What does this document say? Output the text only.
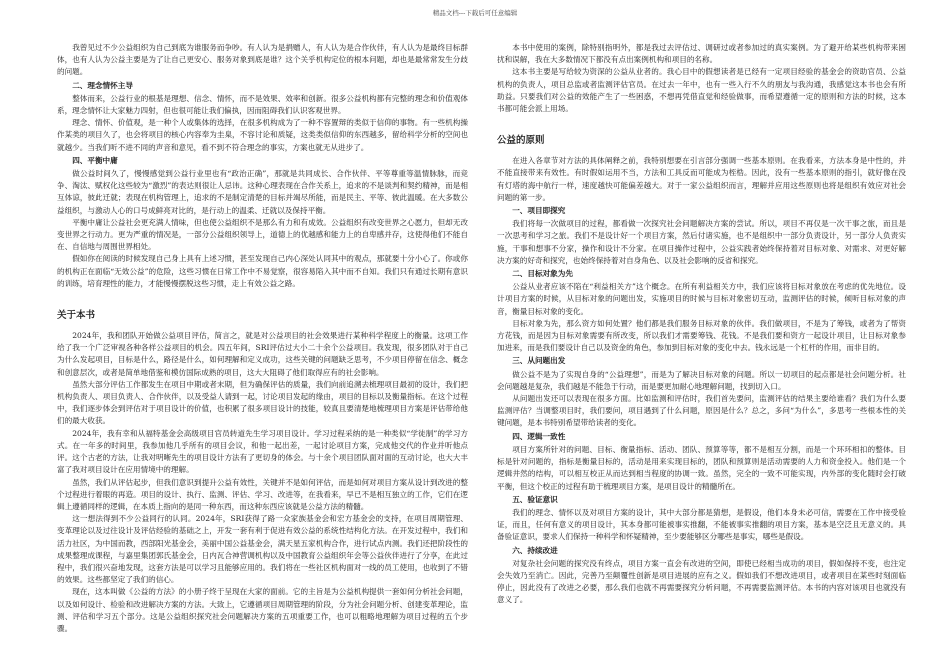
精品文档---下载后可任意编辑

我曾见过不少公益组织为自己到底为谁服务而争吵。有人认为是捐赠人，有人认为是合作伙伴，有人认为是最终目标群体，也有人认为公益主要是为了让自己更安心、服务对象到底是谁？这个关乎机构定位的根本问题，却也是最常常发生分歧的问题。

二、理念情怀主导

整体而来，公益行业的根基是理想、信念、情怀，而不是效果、效率和创新。很多公益机构都有完整的理念和价值观体系，理念情怀让大家魅力四射，但也很可能让我们偏执，因而阻碍我们认识客观世界。

理念、情怀、价值观，是一种个人或集体的选择，在很多机构成为了一种不容置辩的类似于信仰的事物。有一些机构操作某类的项目久了，也会将项目的核心内容奉为圭臬，不容讨论和质疑，这类类似信仰的东西越多，留给科学分析的空间也就越少。当我们听不进不同的声音和意见，看不到不符合理念的事实，方案也就无从进步了。

四、平衡中庸

做公益时间久了，慢慢感觉到公益行业里也有“政治正确”，那就是共同成长、合作伙伴、平等尊重等温情脉脉，而竞争、淘汰、赋权化这些较为“激烈”的表达则很让人忌讳。这种心理表现在合作关系上，追求的不是谈判和契约精神，而是相互体谅，彼此迁就；表现在机构管理上，追求的不是制定清楚的目标并竭尽所能，而是民主、平等、彼此温暖。在大多数公益组织，与激动人心的口号成鲜亮对比的，是行动上的温柔、迁就以及保持平衡。

平衡中庸让公益社会更充满人情味，但也使公益组织不是那么有力和有成效。公益组织有改变世界之心愿力，但却无改变世界之行动力。更为严重的情况是，一部分公益组织领导上，道德上的优越感和能力上的自卑感并存，这使得他们不能自在、自信地与周围世界相处。

假如你在阅读的时候发现自己身上具有上述习惯，甚至发现自己内心深处认同其中的观点，那就要十分小心了。你或你的机构正在面临“无效公益”的危险，这些习惯在日常工作中不易觉察，很容易陷入其中而不自知。我们只有通过长期有意识的训练，培育理性的能力，才能慢慢摆脱这些习惯，走上有效公益之路。

关于本书

2024年，我和团队开始做公益项目评估，简言之，就是对公益项目的社会效果进行某种科学程度上的衡量。这项工作给了我一个广泛审视各种各样公益项目的机会。四五年间，SRI评估过大小二十余个公益项目。我发现，很多团队对于自己为什么发起项目，目标是什么，路径是什么，如何理解和定义成功，这些关键的问题缺乏思考，不少项目停留在信念、概念和创意层次，或者是简单地借鉴和模仿国际成熟的项目，这大大阻碍了他们取得应有的社会影响。

虽然大部分评估工作都发生在项目中期或者末期，但为确保评估的质量，我们向前追溯去梳理项目最初的设计，我们把机构负责人、项目负责人、合作伙伴，以及受益人请到一起，讨论项目发起的缘由，项目的目标以及衡量指标。在这个过程中，我们逐步体会到评估对于项目设计的价值，也积累了很多项目设计的技能，较真且要清楚地梳理项目方案是评估带给他们的最大收获。

2024年，我有幸和从福特基金会高级项目官员转道先生学习项目设计。学习过程采纳的是一种类似“学徒制”的学习方式。在一年多的时间里，我参加他几乎所有的项目会议，和他一起出差，一起讨论项目方案，完成他交代的作业并听他点评。这个古老的方法，让我对明晰先生的项目设计方法有了更切身的体会。与十余个项目团队面对面的互动讨论，也大大丰富了我对项目设计在应用情境中的理解。

虽然，我们从评估起步，但我们意识到提升公益有效性，关键并不是如何评估，而是如何对项目方案从设计到改进的整个过程进行着眼的再造。项目的设计、执行、监测、评估、学习、改进等，在我看来，早已不是相互独立的工作，它们在逻辑上遵循同样的逻辑，在本质上指向的是同一种东西，而这种东西应该就是公益方法的精髓。

这一想法得到不少公益同行的认同。2024年，SRI获得了路一众家族基金会和宏方基金会的支持，在项目周期管理、变革理论以及过往设计及评估经验的基础之上，开发一套有利于促进有效公益的系统性结构化方法。在开发过程中，我们和活力社区，为中国而教，西部阳光基金会，美丽中国公益基金会，满天星五家机构合作，进行试点内测。我们还把阶段性的成果整理成课程，与嘉里集团郭氏基金会，日内瓦合神营调机构以及中国教育公益组织年会等公益伙伴进行了分享，在此过程中，我们很兴奋地发现，这套方法是可以学习且能够应用的。我们将在一些社区机构面对一线的员工使用，也收到了不错的效果。这些都坚定了我们的信心。

现在，这本叫做《公益的方法》的小册子终于呈现在大家的面前。它的主旨是为公益机构提供一套如何分析社会问题，以及如何设计、检验和改进解决方案的方法。大致上，它遵循项目周期管理的阶段，分为社会问题分析、创建变革理论，监测、评估和学习五个部分。这是公益组织探究社会问题解决方案的五项重要工作，也可以粗略地理解为项目过程的五个步骤。

本书中使用的案例，除特别指明外，都是我过去评估过、调研过或者参加过的真实案例。为了避开给某些机构带来困扰和误解，我在大多数情况下都没有点出案例机构和项目的名称。

这本书主要是写给较为资深的公益从业者的。我心目中的假想读者是已经有一定项目经验的基金会的资助官员、公益机构的负责人，项目总监或者监测评估官员。在过去一年中，也有一些入行不久的朋友与我沟通，我感觉这本书也会有所助益。只要我们对公益的效能产生了一些困惑，不想再凭借直觉和经验做事，而希望遵循一定的原则和方法的时候，这本书都可能会派上用场。

公益的原则

在进入各章节对方法的具体阐释之前，我特别想要在引言部分强调一些基本原则。在我看来，方法本身是中性的，并不能直接带来有效性。有时假如运用不当，方法和工具反而可能成为桎梏。因此，没有一些基本原则的指引，就好像在没有灯塔的海中航行一样，速度越快可能偏差越大。对于一家公益组织而言，理解并应用这些原则也将是组织有效应对社会问题的第一步。

一、项目即探究

我们将每一次做项目的过程，都看做一次探究社会问题解决方案的尝试。所以，项目不再仅是一次干事之旅，而且是一次思考和学习之旅。我们不是设计好一个项目方案，然后付诸实施，也不是组织中一部分负责设计，另一部分人负责实施，干事和想事不分家，操作和设计不分家。在项目操作过程中，公益实践者始终保持着对目标对象、对需求、对更好解决方案的好奇和探究，也始终保持着对自身角色、以及社会影响的反省和探究。

二、目标对象为先

公益从业者应该不陷在“利益相关方”这个概念。在所有利益相关方中，我们应该将目标对象放在考虑的优先地位。设计项目方案的时候，从目标对象的问题出发，实施项目的时候与目标对象密切互动，监测评估的时候，倾听目标对象的声音，衡量目标对象的变化。

目标对象为先，那么资方如何处置？他们都是我们服务目标对象的伙伴。我们做项目，不是为了筹钱，或者为了帮资方花钱，而是因为目标对象需要有所改变，所以我们才需要筹钱、花钱。不是我们要和资方一起设计项目，让目标对象参加进来，而是我们要设计自己以及资金的角色，参加到目标对象的变化中去。钱永远是一个杠杆的作用，而非目的。

三、从问题出发

做公益不是为了实现自身的“公益理想”，而是为了解决目标对象的问题。所以一切项目的起点都是社会问题分析。社会问题越是复杂，我们越是不能急于行动，而是要更加耐心地理解问题，找到切入口。

从问题出发还可以表现在很多方面。比如监测和评估时，我们首先要问，监测评估的结果主要给谁看？我们为什么要监测评估？当调整项目时，我们要问，项目遇到了什么问题，原因是什么？总之，多问“为什么”，多思考一些根本性的关键问题，是本书特别希望带给读者的变化。

四、逻辑一致性

项目方案所针对的问题、目标、衡量指标、活动、团队、预算等等，都不是相互分割，而是一个环环相扣的整体。目标是针对问题的，指标是衡量目标的，活动是用来实现目标的，团队和预算则是活动需要的人力和资金投入。他们是一个逻辑井然的结构，可以相互校正从而达到相当程度的协调一致。虽然，完全的一致不可能实现，内外部的变化随时会打破平衡，但这个校正的过程有助于梳理项目方案，是项目设计的精髓所在。

五、验证意识

我们的理念、情怀以及对项目方案的设计，其中大部分都是猜想，是假设，他们本身未必可信，需要在工作中接受验证，而且，任何有意义的项目设计，其本身都可能被事实推翻，不能被事实推翻的项目方案，基本是空泛且无意义的。具备验证意识，要求人们保持一种科学和怀疑精神，至少要能够区分哪些是事实，哪些是假设。

六、持续改进

对复杂社会问题的探究没有终点，项目方案一直会有改进的空间，即使已经相当成功的项目，假如保持不变，也注定会失效乃至消亡。因此，完善乃至颠覆性创新是项目进展的应有之义。假如我们不想改进项目，或者项目在某些时刻面临停止，因此没有了改进之必要，那么我们也就不再需要探究分析问题，不再需要监测评估。本书的内容对该项目也就没有意义了。
